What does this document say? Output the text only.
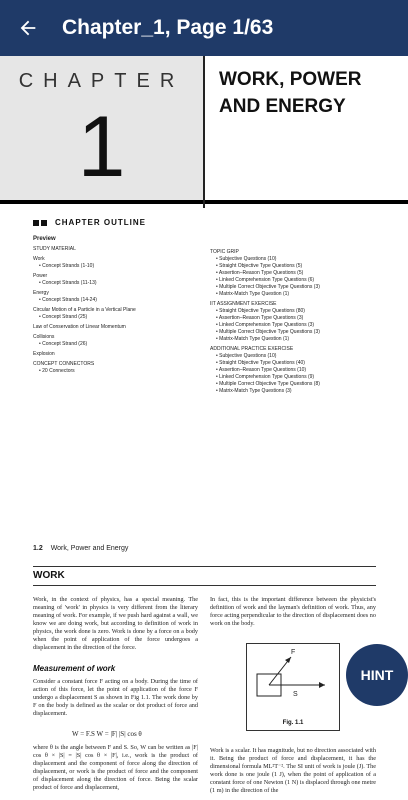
Chapter_1, Page 1/63
CHAPTER
1
WORK, POWER
AND ENERGY
CHAPTER OUTLINE
Preview
STUDY MATERIAL
Work
• Concept Strands (1-10)
Power
• Concept Strands (11-13)
Energy
• Concept Strands (14-24)
Circular Motion of a Particle in a Vertical Plane
• Concept Strand (25)
Law of Conservation of Linear Momentum
Collisions
• Concept Strand (26)
Explosion
CONCEPT CONNECTORS
• 20 Connectors
TOPIC GRIP
• Subjective Questions (10)
• Straight Objective Type Questions (5)
• Assertion–Reason Type Questions (5)
• Linked Comprehension Type Questions (6)
• Multiple Correct Objective Type Questions (3)
• Matrix-Match Type Question (1)
IIT ASSIGNMENT EXERCISE
• Straight Objective Type Questions (80)
• Assertion–Reason Type Questions (3)
• Linked Comprehension Type Questions (3)
• Multiple Correct Objective Type Questions (3)
• Matrix-Match Type Question (1)
ADDITIONAL PRACTICE EXERCISE
• Subjective Questions (10)
• Straight Objective Type Questions (40)
• Assertion–Reason Type Questions (10)
• Linked Comprehension Type Questions (9)
• Multiple Correct Objective Type Questions (8)
• Matrix-Match Type Questions (3)
1.2 Work, Power and Energy
WORK
Work, in the context of physics, has a special meaning. The meaning of 'work' in physics is very different from the literary meaning of work. For example, if we push hard against a wall, we know we are doing work, but according to definition of work in physics, the work done is zero. Work is done by a force on a body when the point of application of the force undergoes a displacement in the direction of the force.
Measurement of work
Consider a constant force F acting on a body. During the time of action of this force, let the point of application of the force F undergo a displacement S as shown in Fig 1.1. The work done by F on the body is defined as the scalar or dot product of force and displacement.
W = F.S W = |F| |S| cos θ
where θ is the angle between F and S. So, W can be written as |F| cos θ × |S| = |S| cos θ × |F|, i.e., work is the product of displacement and the component of force along the direction of displacement, or work is the product of force and the component of displacement along the direction of force. Being the scalar product of force and displacement,
In fact, this is the important difference between the physicist's definition of work and the layman's definition of work. Thus, any force acting perpendicular to the direction of displacement does no work on the body.
F
S
Fig. 1.1
Work is a scalar. It has magnitude, but no direction associated with it. Being the product of force and displacement, it has the dimensional formula ML²T⁻². The SI unit of work is joule (J). The work done is one joule (1 J), when the point of application of a constant force of one Newton (1 N) is displaced through one metre (1 m) in the direction of the
HINT
